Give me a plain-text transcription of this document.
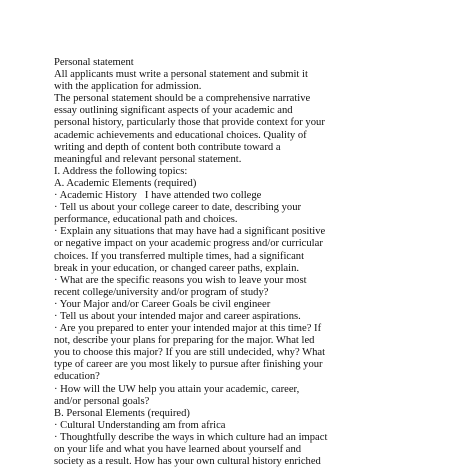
Personal statement
All applicants must write a personal statement and submit it
with the application for admission.
The personal statement should be a comprehensive narrative
essay outlining significant aspects of your academic and
personal history, particularly those that provide context for your
academic achievements and educational choices. Quality of
writing and depth of content both contribute toward a
meaningful and relevant personal statement.
I. Address the following topics:
A. Academic Elements (required)
· Academic History   I have attended two college
· Tell us about your college career to date, describing your
performance, educational path and choices.
· Explain any situations that may have had a significant positive
or negative impact on your academic progress and/or curricular
choices. If you transferred multiple times, had a significant
break in your education, or changed career paths, explain.
· What are the specific reasons you wish to leave your most
recent college/university and/or program of study?
· Your Major and/or Career Goals be civil engineer
· Tell us about your intended major and career aspirations.
· Are you prepared to enter your intended major at this time? If
not, describe your plans for preparing for the major. What led
you to choose this major? If you are still undecided, why? What
type of career are you most likely to pursue after finishing your
education?
· How will the UW help you attain your academic, career,
and/or personal goals?
B. Personal Elements (required)
· Cultural Understanding am from africa
· Thoughtfully describe the ways in which culture had an impact
on your life and what you have learned about yourself and
society as a result. How has your own cultural history enriched
